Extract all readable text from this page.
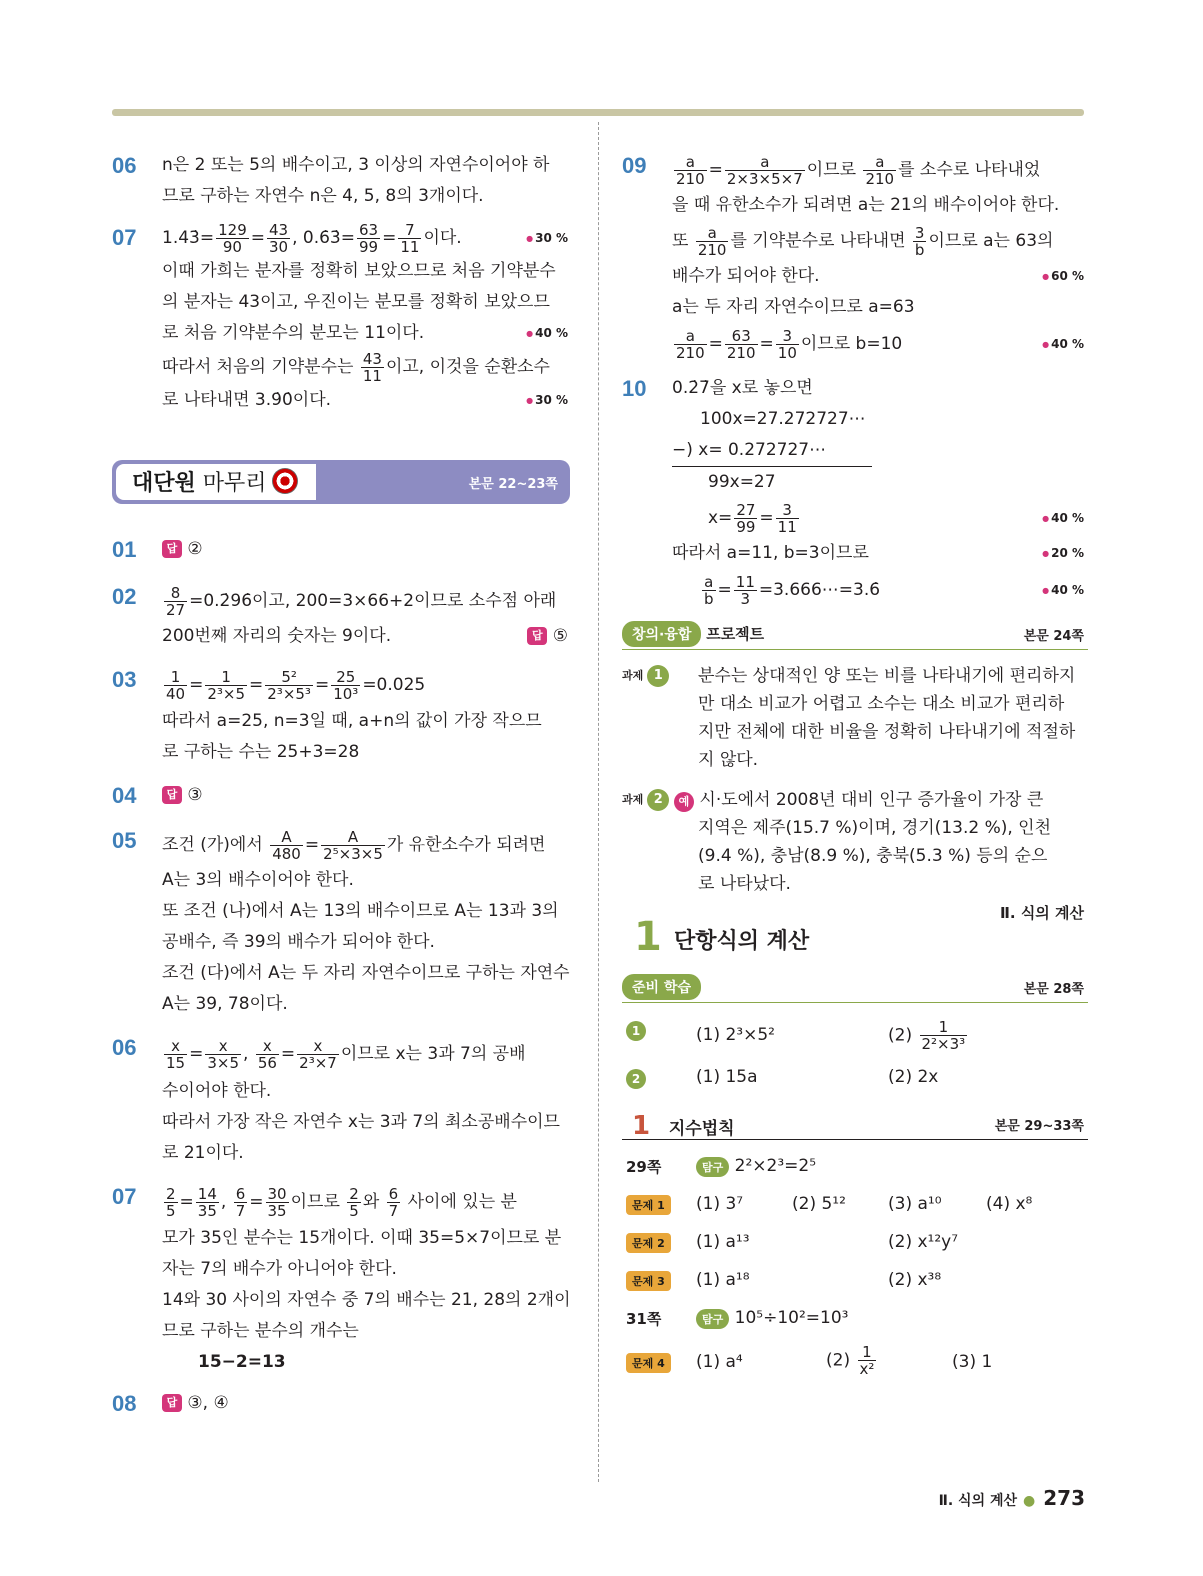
06 n은 2 또는 5의 배수이고, 3 이상의 자연수이어야 하
므로 구하는 자연수 n은 4, 5, 8의 3개이다.
07 1.43̇= $\frac{129}{90} = \frac{43}{30}$ , 0.6̇3̇= $\frac{63}{99} = \frac{7}{11}$ 이다.	● 30 %
이때 가희는 분자를 정확히 보았으므로 처음 기약분수
의 분자는 43이고, 우진이는 분모를 정확히 보았으므
로 처음 기약분수의 분모는 11이다.	● 40 %
따라서 처음의 기약분수는 $\frac{43}{11}$ 이고, 이것을 순환소수
로 나타내면 3.9̇0̇이다.	● 30 %
대단원 마무리	본문 22~23쪽
01	답 ②
$02 \frac{8}{27}$ =0.2̇96̇이고, 200=3×66+2이므로 소수점 아래
200번째 자리의 숫자는 9이다.	답 ⑤
$03 \frac{1}{40} = \frac{1}{\text{2³×5}} = \frac{\text{5²}}{\text{2³×5³}} = \frac{25}{\text{10³}} =0.025$
따라서 a=25, n=3일 때, a+n의 값이 가장 작으므
로 구하는 수는 25+3=28
04	답 ③
05 조건 (가)에서 $\frac{A}{480} = \frac{A}{\text{2⁵×3×5}}$ 가 유한소수가 되려면
A는 3의 배수이어야 한다.
또 조건 (나)에서 A는 13의 배수이므로 A는 13과 3의
공배수, 즉 39의 배수가 되어야 한다.
조건 (다)에서 A는 두 자리 자연수이므로 구하는 자연수
A는 39, 78이다.
$06 \frac{x}{15} = \frac{x}{3\times 5}$ , $\frac{x}{56} = \frac{x}{\text{2³×7}}$ 이므로 x는 3과 7의 공배
수이어야 한다.
따라서 가장 작은 자연수 x는 3과 7의 최소공배수이므
로 21이다.
$07 \frac{2}{5} = \frac{14}{35}$ , $\frac{6}{7} = \frac{30}{35}$ 이므로 $\frac{2}{5}$ 와 $\frac{6}{7}$ 사이에 있는 분
모가 35인 분수는 15개이다. 이때 35=5×7이므로 분
자는 7의 배수가 아니어야 한다.
14와 30 사이의 자연수 중 7의 배수는 21, 28의 2개이
므로 구하는 분수의 개수는
15−2=13
08	답 ③, ④
$09 \frac{a}{210} = \frac{a}{2\times 3\times 5\times 7}$ 이므로 $\frac{a}{210}$ 를 소수로 나타내었
을 때 유한소수가 되려면 a는 21의 배수이어야 한다.
또 $\frac{a}{210}$ 를 기약분수로 나타내면 $\frac{3}{b}$ 이므로 a는 63의
배수가 되어야 한다.	● 60 %
a는 두 자리 자연수이므로 a=63
$\frac{a}{210} = \frac{63}{210} = \frac{3}{10}$ 이므로 b=10	● 40 %
10 0.2̇7̇을 x로 놓으면
100x=27.272727⋯
−) x= 0.272727⋯
99x=27
$x= \frac{27}{99} = \frac{3}{11}$	● 40 %
따라서 a=11, b=3이므로	● 20 %
$\frac{a}{b} = \frac{11}{3}$ =3.666⋯=3.6̇	● 40 %
창의·융합 프로젝트	본문 24쪽
과제 1	분수는 상대적인 양 또는 비를 나타내기에 편리하지
만 대소 비교가 어렵고 소수는 대소 비교가 편리하
지만 전체에 대한 비율을 정확히 나타내기에 적절하
지 않다.
과제 2	예 시·도에서 2008년 대비 인구 증가율이 가장 큰
지역은 제주(15.7 %)이며, 경기(13.2 %), 인천
(9.4 %), 충남(8.9 %), 충북(5.3 %) 등의 순으
로 나타났다.
1 단항식의 계산
Ⅱ. 식의 계산
준비 학습	본문 28쪽
1	(1) 2³×5²	$(2) \frac{1}{\text{2²×3³}}$
2	(1) 15a	(2) 2x
1 지수법칙	본문 29~33쪽
29쪽	탐구 2²×2³=2⁵
문제 1	(1) 3⁷	(2) 5¹² (3) a¹⁰	(4) x⁸
문제 2	(1) a¹³	(2) x¹²y⁷
문제 3	(1) a¹⁸	(2) x³⁸
31쪽	탐구 10⁵÷10²=10³
문제 4	(1) a⁴	$(2) \frac{1}{\text{x²}}$	(3) 1
Ⅱ. 식의 계산 ● 273
